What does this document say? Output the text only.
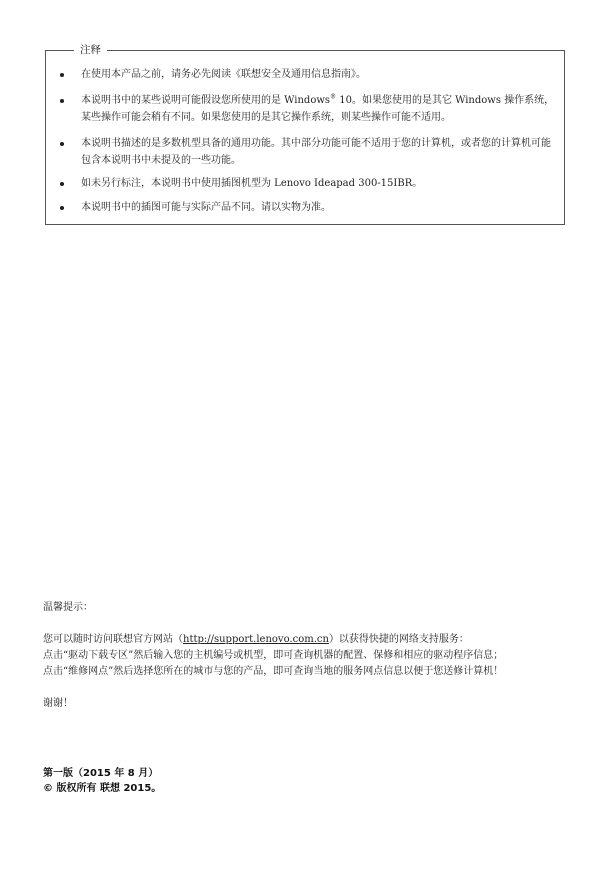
注释
在使用本产品之前，请务必先阅读《联想安全及通用信息指南》。
本说明书中的某些说明可能假设您所使用的是 Windows® 10。如果您使用的是其它 Windows 操作系统，某些操作可能会稍有不同。如果您使用的是其它操作系统，则某些操作可能不适用。
本说明书描述的是多数机型具备的通用功能。其中部分功能可能不适用于您的计算机，或者您的计算机可能包含本说明书中未提及的一些功能。
如未另行标注，本说明书中使用插图机型为 Lenovo Ideapad 300-15IBR。
本说明书中的插图可能与实际产品不同。请以实物为准。

温馨提示：

您可以随时访问联想官方网站（http://support.lenovo.com.cn）以获得快捷的网络支持服务：

点击“驱动下载专区”然后输入您的主机编号或机型，即可查询机器的配置、保修和相应的驱动程序信息；

点击“维修网点”然后选择您所在的城市与您的产品，即可查询当地的服务网点信息以便于您送修计算机！

谢谢！

第一版（2015 年 8 月）

© 版权所有 联想 2015。
